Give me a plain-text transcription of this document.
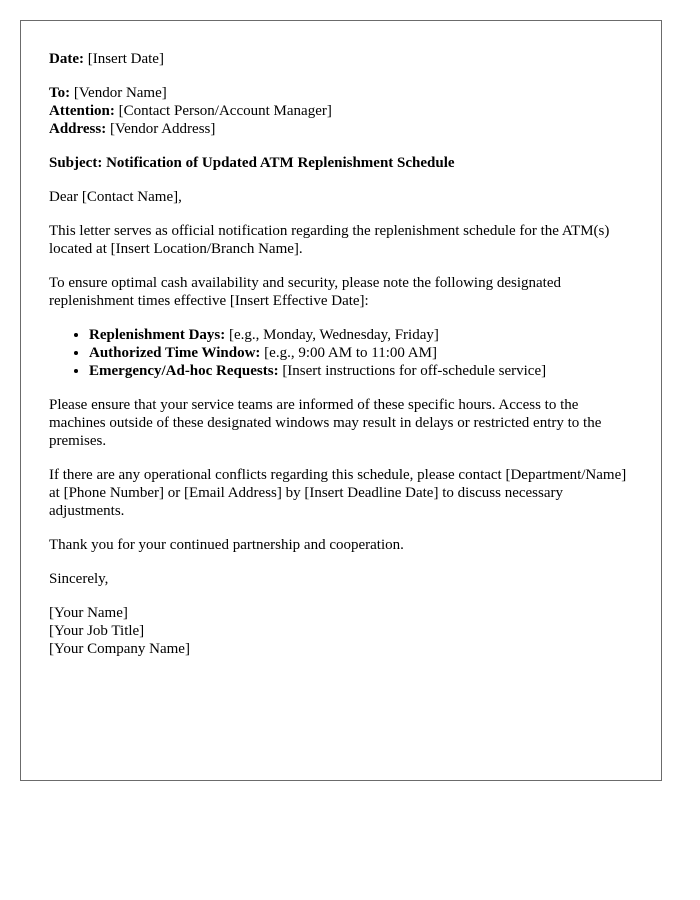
Date: [Insert Date]
To: [Vendor Name]
Attention: [Contact Person/Account Manager]
Address: [Vendor Address]
Subject: Notification of Updated ATM Replenishment Schedule

Dear [Contact Name],

This letter serves as official notification regarding the replenishment schedule for the ATM(s) located at [Insert Location/Branch Name].

To ensure optimal cash availability and security, please note the following designated replenishment times effective [Insert Effective Date]:

• Replenishment Days: [e.g., Monday, Wednesday, Friday]
• Authorized Time Window: [e.g., 9:00 AM to 11:00 AM]
• Emergency/Ad-hoc Requests: [Insert instructions for off-schedule service]

Please ensure that your service teams are informed of these specific hours. Access to the machines outside of these designated windows may result in delays or restricted entry to the premises.

If there are any operational conflicts regarding this schedule, please contact [Department/Name] at [Phone Number] or [Email Address] by [Insert Deadline Date] to discuss necessary adjustments.

Thank you for your continued partnership and cooperation.

Sincerely,

[Your Name]
[Your Job Title]
[Your Company Name]
